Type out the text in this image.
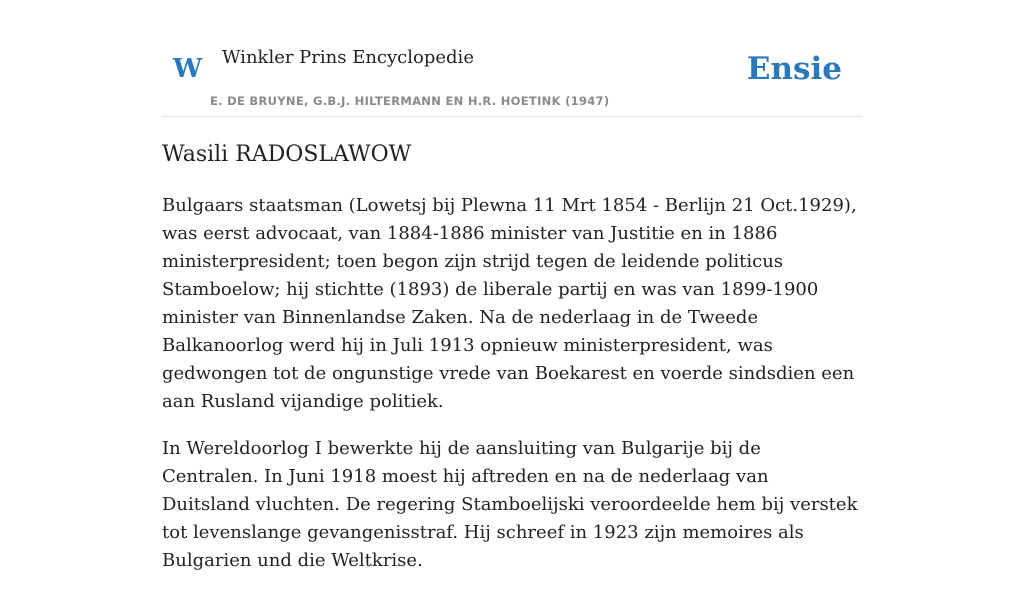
W Winkler Prins Encyclopedie
E. DE BRUYNE, G.B.J. HILTERMANN EN H.R. HOETINK (1947)
Ensie
Wasili RADOSLAWOW

Bulgaars staatsman (Lowetsj bij Plewna 11 Mrt 1854 - Berlijn 21 Oct.1929), was eerst advocaat, van 1884-1886 minister van Justitie en in 1886 ministerpresident; toen begon zijn strijd tegen de leidende politicus Stamboelow; hij stichtte (1893) de liberale partij en was van 1899-1900 minister van Binnenlandse Zaken. Na de nederlaag in de Tweede Balkanoorlog werd hij in Juli 1913 opnieuw ministerpresident, was gedwongen tot de ongunstige vrede van Boekarest en voerde sindsdien een aan Rusland vijandige politiek.

In Wereldoorlog I bewerkte hij de aansluiting van Bulgarije bij de Centralen. In Juni 1918 moest hij aftreden en na de nederlaag van Duitsland vluchten. De regering Stamboelijski veroordeelde hem bij verstek tot levenslange gevangenisstraf. Hij schreef in 1923 zijn memoires als Bulgarien und die Weltkrise.
